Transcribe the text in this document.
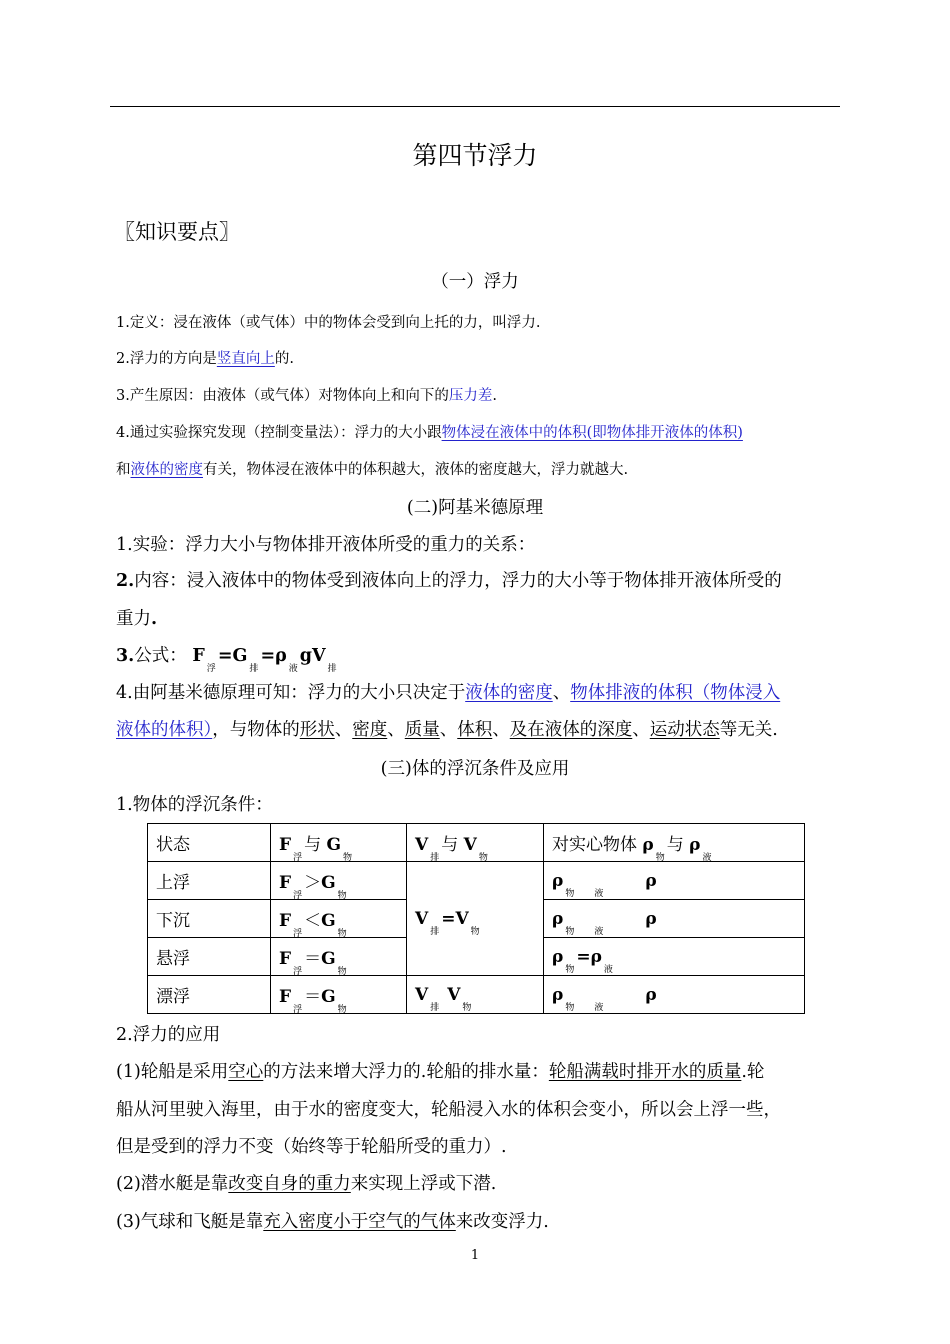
第四节浮力
〖知识要点〗
（一）浮力
1.定义：浸在液体（或气体）中的物体会受到向上托的力，叫浮力.
2.浮力的方向是竖直向上的.
3.产生原因：由液体（或气体）对物体向上和向下的压力差.
4.通过实验探究发现（控制变量法）：浮力的大小跟物体浸在液体中的体积(即物体排开液体的体积)
和液体的密度有关，物体浸在液体中的体积越大，液体的密度越大，浮力就越大.
(二)阿基米德原理
1.实验：浮力大小与物体排开液体所受的重力的关系：
2.内容：浸入液体中的物体受到液体向上的浮力，浮力的大小等于物体排开液体所受的
重力.
3.公式： $F_浮=G_排=\rho_液gV_排$
4.由阿基米德原理可知：浮力的大小只决定于液体的密度、物体排液的体积（物体浸入
液体的体积），与物体的形状、密度、质量、体积、及在液体的深度、运动状态等无关.
(三)体的浮沉条件及应用
1.物体的浮沉条件：
状态	$F_浮$与 $G_物$	$V_排$与 $V_物$	对实心物体 $\rho_物$与 $\rho_液$
上浮	$F_浮>G_物$	$V_排=V_物$	$\rho_物$ $_液$ρ
下沉	$F_浮<G_物$		$\rho_物$ $_液$ρ
悬浮	$F_浮=G_物$		$\rho_物=\rho_液$
漂浮	$F_浮=G_物$	$V_排V_物$	$\rho_物$ $_液$ρ
2.浮力的应用
(1)轮船是采用空心的方法来增大浮力的.轮船的排水量：轮船满载时排开水的质量.轮
船从河里驶入海里，由于水的密度变大，轮船浸入水的体积会变小，所以会上浮一些，
但是受到的浮力不变（始终等于轮船所受的重力）.
(2)潜水艇是靠改变自身的重力来实现上浮或下潜.
(3)气球和飞艇是靠充入密度小于空气的气体来改变浮力.
1
